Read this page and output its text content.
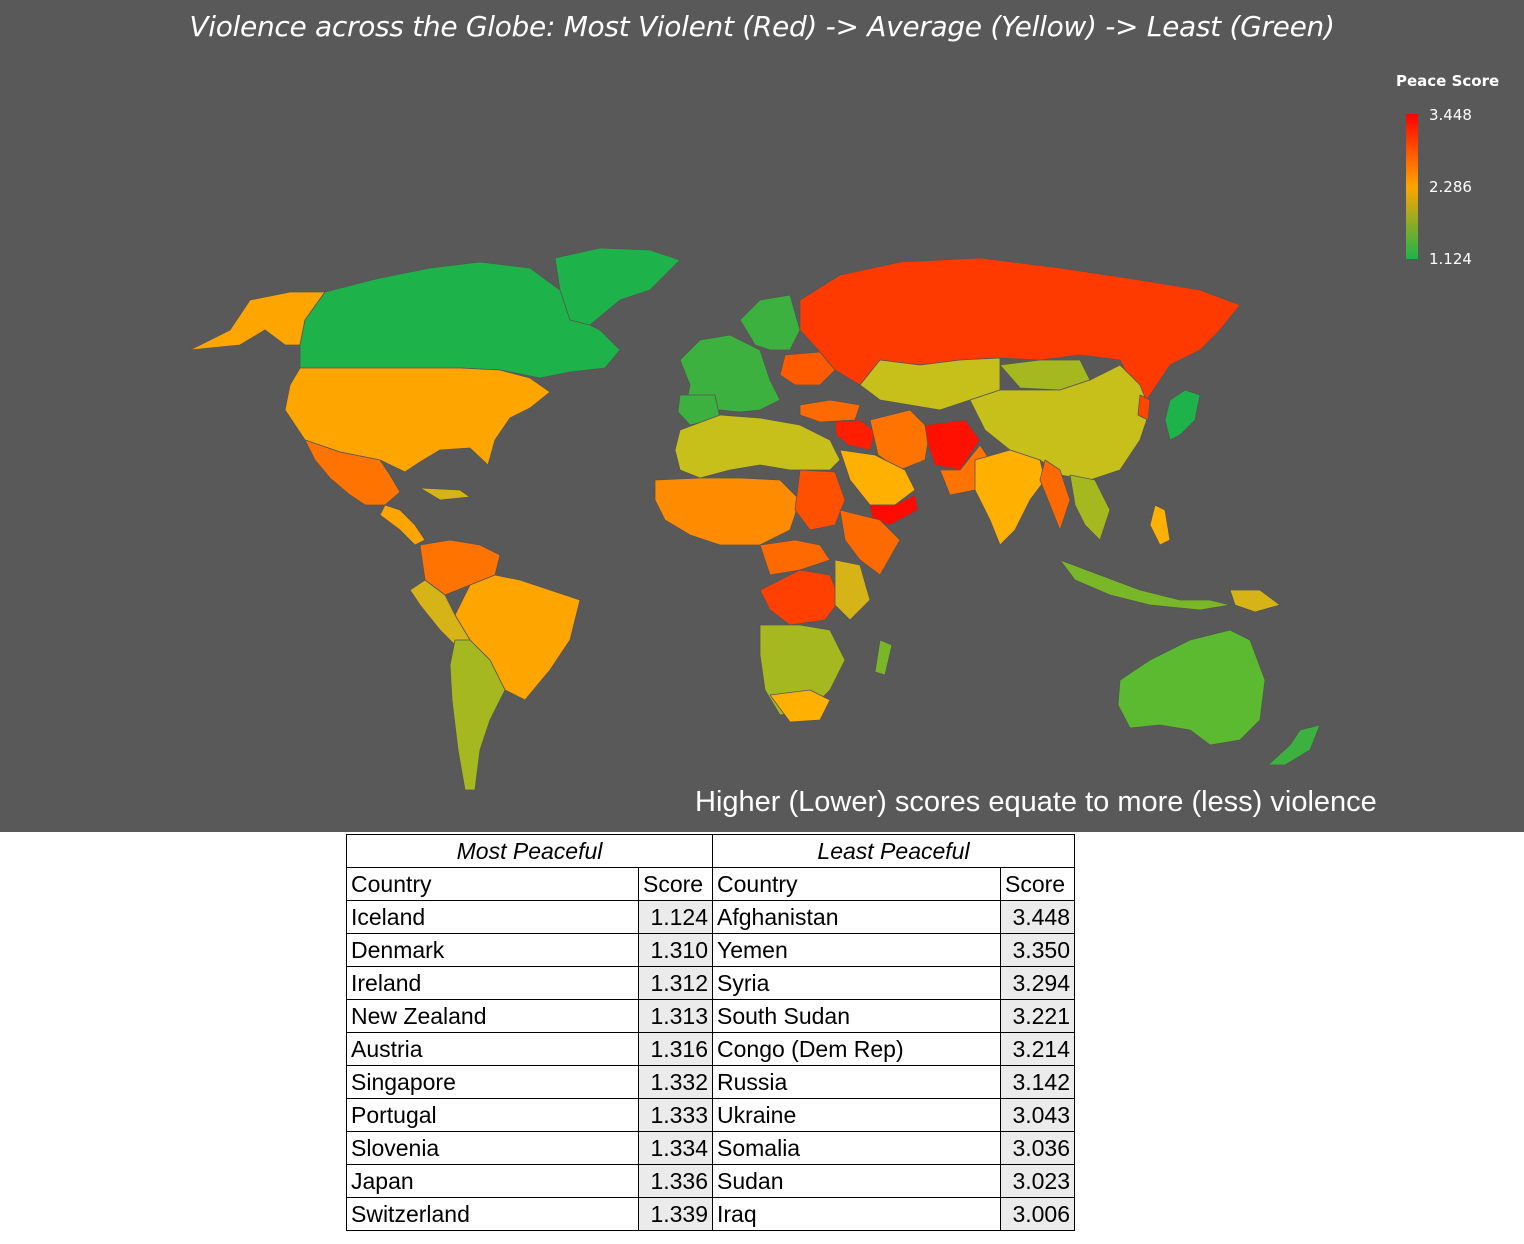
Violence across the Globe: Most Violent (Red) -> Average (Yellow) -> Least (Green)
Peace Score
3.448
2.286
1.124
Higher (Lower) scores equate to more (less) violence
Most Peaceful		Least Peaceful	
Country	Score	Country	Score
Iceland	1.124	Afghanistan	3.448
Denmark	1.310	Yemen	3.350
Ireland	1.312	Syria	3.294
New Zealand	1.313	South Sudan	3.221
Austria	1.316	Congo (Dem Rep)	3.214
Singapore	1.332	Russia	3.142
Portugal	1.333	Ukraine	3.043
Slovenia	1.334	Somalia	3.036
Japan	1.336	Sudan	3.023
Switzerland	1.339	Iraq	3.006
